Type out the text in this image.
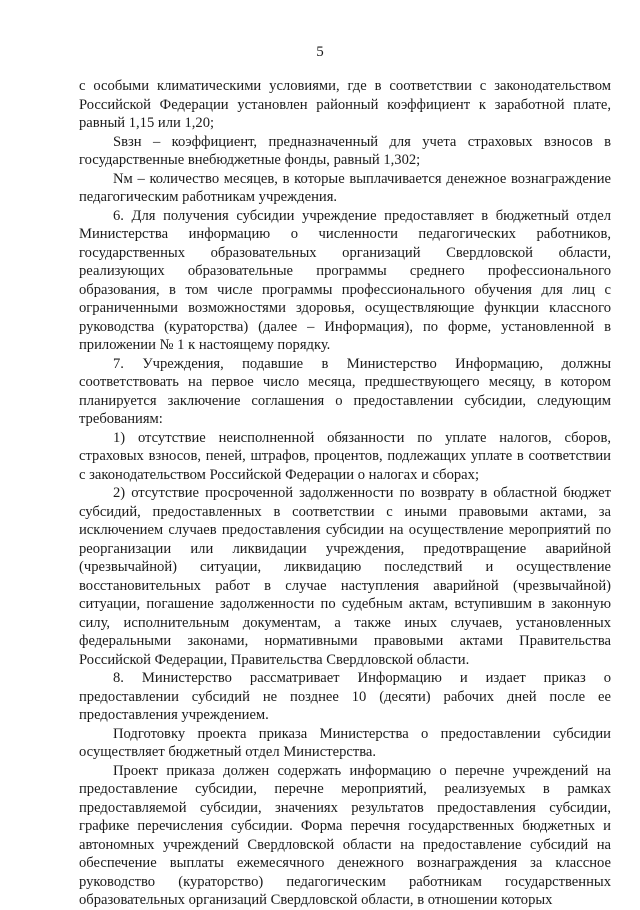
5

с особыми климатическими условиями, где в соответствии с законодательством Российской Федерации установлен районный коэффициент к заработной плате, равный 1,15 или 1,20;

Sвзн – коэффициент, предназначенный для учета страховых взносов в государственные внебюджетные фонды, равный 1,302;

Nм – количество месяцев, в которые выплачивается денежное вознаграждение педагогическим работникам учреждения.

6. Для получения субсидии учреждение предоставляет в бюджетный отдел Министерства информацию о численности педагогических работников, государственных образовательных организаций Свердловской области, реализующих образовательные программы среднего профессионального образования, в том числе программы профессионального обучения для лиц с ограниченными возможностями здоровья, осуществляющие функции классного руководства (кураторства) (далее – Информация), по форме, установленной в приложении № 1 к настоящему порядку.

7. Учреждения, подавшие в Министерство Информацию, должны соответствовать на первое число месяца, предшествующего месяцу, в котором планируется заключение соглашения о предоставлении субсидии, следующим требованиям:

1) отсутствие неисполненной обязанности по уплате налогов, сборов, страховых взносов, пеней, штрафов, процентов, подлежащих уплате в соответствии с законодательством Российской Федерации о налогах и сборах;

2) отсутствие просроченной задолженности по возврату в областной бюджет субсидий, предоставленных в соответствии с иными правовыми актами, за исключением случаев предоставления субсидии на осуществление мероприятий по реорганизации или ликвидации учреждения, предотвращение аварийной (чрезвычайной) ситуации, ликвидацию последствий и осуществление восстановительных работ в случае наступления аварийной (чрезвычайной) ситуации, погашение задолженности по судебным актам, вступившим в законную силу, исполнительным документам, а также иных случаев, установленных федеральными законами, нормативными правовыми актами Правительства Российской Федерации, Правительства Свердловской области.

8. Министерство рассматривает Информацию и издает приказ о предоставлении субсидий не позднее 10 (десяти) рабочих дней после ее предоставления учреждением.

Подготовку проекта приказа Министерства о предоставлении субсидии осуществляет бюджетный отдел Министерства.

Проект приказа должен содержать информацию о перечне учреждений на предоставление субсидии, перечне мероприятий, реализуемых в рамках предоставляемой субсидии, значениях результатов предоставления субсидии, графике перечисления субсидии. Форма перечня государственных бюджетных и автономных учреждений Свердловской области на предоставление субсидий на обеспечение выплаты ежемесячного денежного вознаграждения за классное руководство (кураторство) педагогическим работникам государственных образовательных организаций Свердловской области, в отношении которых
